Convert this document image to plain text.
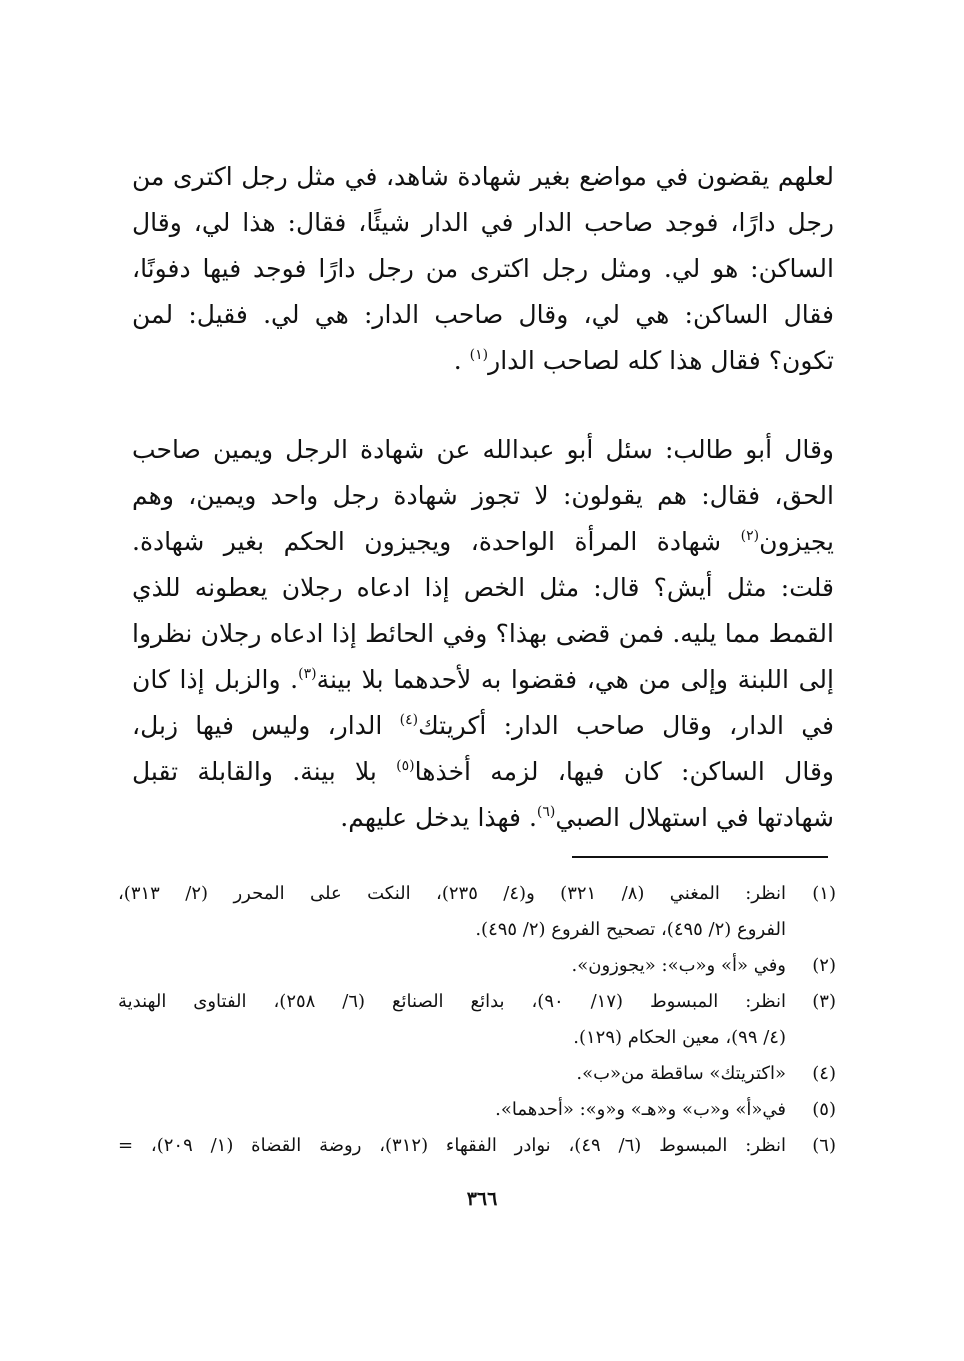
لعلهم يقضون في مواضع بغير شهادة شاهد، في مثل رجل اكترى من
رجل دارًا، فوجد صاحب الدار في الدار شيئًا، فقال: هذا لي، وقال
الساكن: هو لي. ومثل رجل اكترى من رجل دارًا فوجد فيها دفونًا،
فقال الساكن: هي لي، وقال صاحب الدار: هي لي. فقيل: لمن
تكون؟ فقال هذا كله لصاحب الدار$^{(١)}$ .
وقال أبو طالب: سئل أبو عبدالله عن شهادة الرجل ويمين صاحب
الحق، فقال: هم يقولون: لا تجوز شهادة رجل واحد ويمين، وهم
يجيزون$^{(٢)}$ شهادة المرأة الواحدة، ويجيزون الحكم بغير شهادة.
قلت: مثل أيش؟ قال: مثل الخص إذا ادعاه رجلان يعطونه للذي
القمط مما يليه. فمن قضى بهذا؟ وفي الحائط إذا ادعاه رجلان نظروا
إلى اللبنة وإلى من هي، فقضوا به لأحدهما بلا بينة$^{(٣)}$. والزبل إذا كان
في الدار، وقال صاحب الدار: أكريتك$^{(٤)}$ الدار، وليس فيها زبل،
وقال الساكن: كان فيها، لزمه أخذها$^{(٥)}$ بلا بينة. والقابلة تقبل
شهادتها في استهلال الصبي$^{(٦)}$. فهذا يدخل عليهم.
(١)
انظر: المغني (٨/ ٣٢١) و(٤/ ٢٣٥)، النكت على المحرر (٢/ ٣١٣)،
الفروع (٢/ ٤٩٥)، تصحيح الفروع (٢/ ٤٩٥).
(٢)
وفي «أ» و«ب»: «يجوزون».
(٣)
انظر: المبسوط (١٧/ ٩٠)، بدائع الصنائع (٦/ ٢٥٨)، الفتاوى الهندية
(٤/ ٩٩)، معين الحكام (١٢٩).
(٤)
«اكتريتك» ساقطة من«ب».
(٥)
في«أ» و«ب» و«هـ» و«و»: «أحدهما».
(٦)
انظر: المبسوط (٦/ ٤٩)، نوادر الفقهاء (٣١٢)، روضة القضاة (١/ ٢٠٩)، =
٣٦٦
